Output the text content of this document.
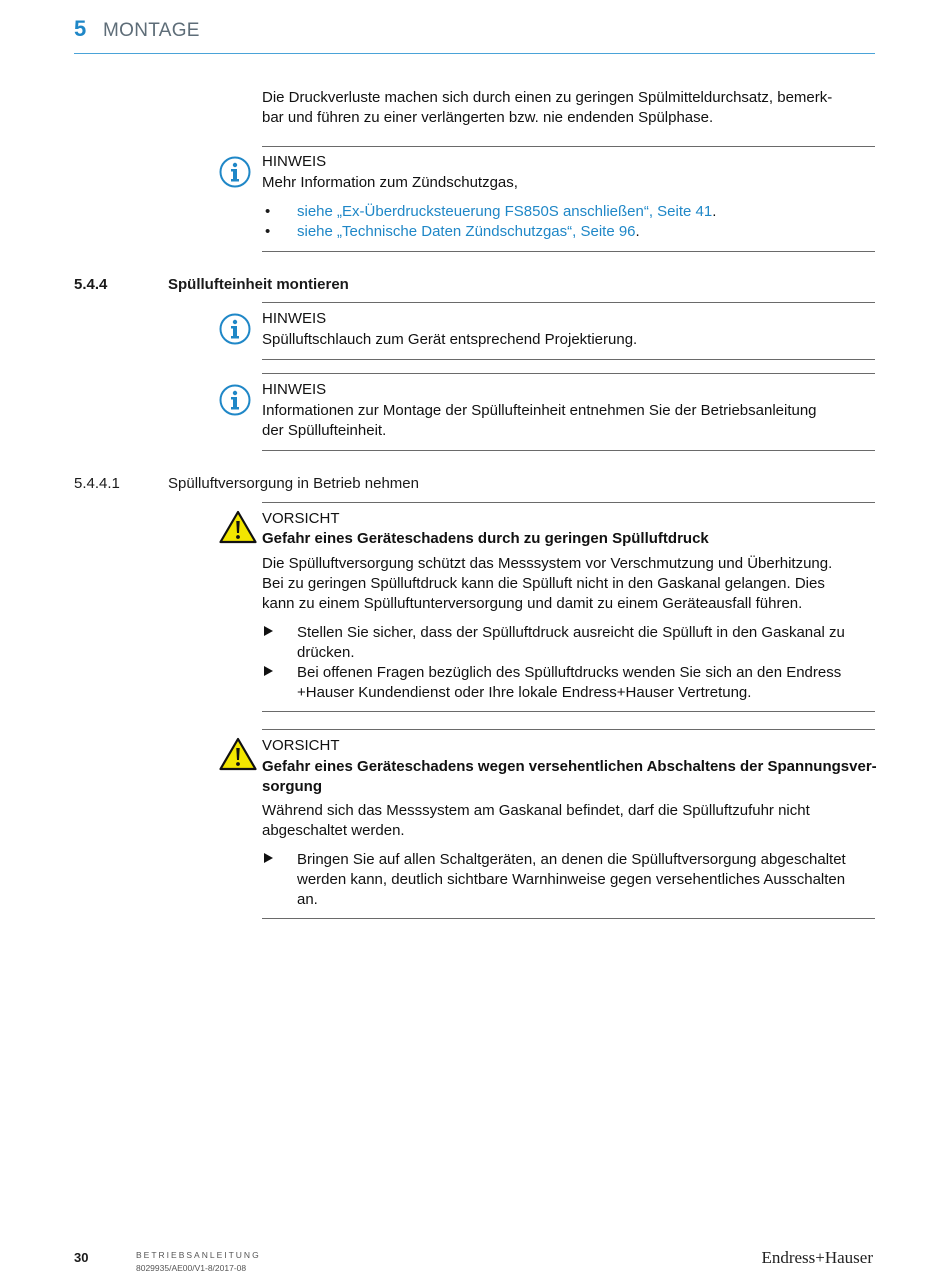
5 MONTAGE
Die Druckverluste machen sich durch einen zu geringen Spülmitteldurchsatz, bemerk-
bar und führen zu einer verlängerten bzw. nie endenden Spülphase.
HINWEIS
Mehr Information zum Zündschutzgas,
• siehe „Ex-Überdrucksteuerung FS850S anschließen“, Seite 41.
• siehe „Technische Daten Zündschutzgas“, Seite 96.
5.4.4	Spüllufteinheit montieren
HINWEIS
Spülluftschlauch zum Gerät entsprechend Projektierung.
HINWEIS
Informationen zur Montage der Spüllufteinheit entnehmen Sie der Betriebsanleitung
der Spüllufteinheit.
5.4.4.1	Spülluftversorgung in Betrieb nehmen
VORSICHT
Gefahr eines Geräteschadens durch zu geringen Spülluftdruck
Die Spülluftversorgung schützt das Messsystem vor Verschmutzung und Überhitzung.
Bei zu geringen Spülluftdruck kann die Spülluft nicht in den Gaskanal gelangen. Dies
kann zu einem Spülluftunterversorgung und damit zu einem Geräteausfall führen.
Stellen Sie sicher, dass der Spülluftdruck ausreicht die Spülluft in den Gaskanal zu
drücken.
Bei offenen Fragen bezüglich des Spülluftdrucks wenden Sie sich an den Endress
+Hauser Kundendienst oder Ihre lokale Endress+Hauser Vertretung.
VORSICHT
Gefahr eines Geräteschadens wegen versehentlichen Abschaltens der Spannungsver-
sorgung
Während sich das Messsystem am Gaskanal befindet, darf die Spülluftzufuhr nicht
abgeschaltet werden.
Bringen Sie auf allen Schaltgeräten, an denen die Spülluftversorgung abgeschaltet
werden kann, deutlich sichtbare Warnhinweise gegen versehentliches Ausschalten
an.
30	BETRIEBSANLEITUNG
8029935/AE00/V1-8/2017-08
Endress+Hauser
